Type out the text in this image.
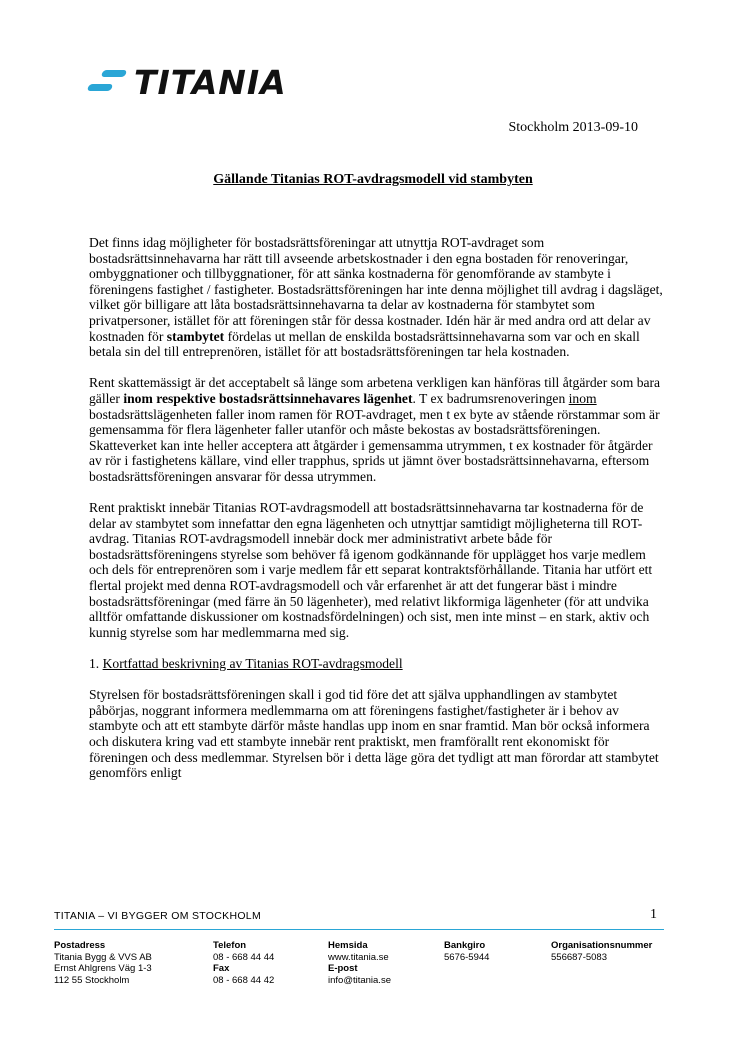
TITANIA
Stockholm 2013-09-10
Gällande Titanias ROT-avdragsmodell vid stambyten

Det finns idag möjligheter för bostadsrättsföreningar att utnyttja ROT-avdraget som bostadsrättsinnehavarna har rätt till avseende arbetskostnader i den egna bostaden för renoveringar, ombyggnationer och tillbyggnationer, för att sänka kostnaderna för genomförande av stambyte i föreningens fastighet / fastigheter. Bostadsrättsföreningen har inte denna möjlighet till avdrag i dagsläget, vilket gör billigare att låta bostadsrättsinnehavarna ta delar av kostnaderna för stambytet som privatpersoner, istället för att föreningen står för dessa kostnader. Idén här är med andra ord att delar av kostnaden för stambytet fördelas ut mellan de enskilda bostadsrättsinnehavarna som var och en skall betala sin del till entreprenören, istället för att bostadsrättsföreningen tar hela kostnaden.

Rent skattemässigt är det acceptabelt så länge som arbetena verkligen kan hänföras till åtgärder som bara gäller inom respektive bostadsrättsinnehavares lägenhet. T ex badrumsrenoveringen inom bostadsrättslägenheten faller inom ramen för ROT-avdraget, men t ex byte av stående rörstammar som är gemensamma för flera lägenheter faller utanför och måste bekostas av bostadsrättsföreningen. Skatteverket kan inte heller acceptera att åtgärder i gemensamma utrymmen, t ex kostnader för åtgärder av rör i fastighetens källare, vind eller trapphus, sprids ut jämnt över bostadsrättsinnehavarna, eftersom bostadsrättsföreningen ansvarar för dessa utrymmen.

Rent praktiskt innebär Titanias ROT-avdragsmodell att bostadsrättsinnehavarna tar kostnaderna för de delar av stambytet som innefattar den egna lägenheten och utnyttjar samtidigt möjligheterna till ROT-avdrag. Titanias ROT-avdragsmodell innebär dock mer administrativt arbete både för bostadsrättsföreningens styrelse som behöver få igenom godkännande för upplägget hos varje medlem och dels för entreprenören som i varje medlem får ett separat kontraktsförhållande. Titania har utfört ett flertal projekt med denna ROT-avdragsmodell och vår erfarenhet är att det fungerar bäst i mindre bostadsrättsföreningar (med färre än 50 lägenheter), med relativt likformiga lägenheter (för att undvika alltför omfattande diskussioner om kostnadsfördelningen) och sist, men inte minst – en stark, aktiv och kunnig styrelse som har medlemmarna med sig.

1. Kortfattad beskrivning av Titanias ROT-avdragsmodell

Styrelsen för bostadsrättsföreningen skall i god tid före det att själva upphandlingen av stambytet påbörjas, noggrant informera medlemmarna om att föreningens fastighet/fastigheter är i behov av stambyte och att ett stambyte därför måste handlas upp inom en snar framtid. Man bör också informera och diskutera kring vad ett stambyte innebär rent praktiskt, men framförallt rent ekonomiskt för föreningen och dess medlemmar. Styrelsen bör i detta läge göra det tydligt att man förordar att stambytet genomförs enligt

TITANIA – VI BYGGER OM STOCKHOLM	1
Postadress
Titania Bygg & VVS AB
Ernst Ahlgrens Väg 1-3
112 55 Stockholm
Telefon
08 - 668 44 44
Fax
08 - 668 44 42
Hemsida
www.titania.se
E-post
info@titania.se
Bankgiro
5676-5944
Organisationsnummer
556687-5083
